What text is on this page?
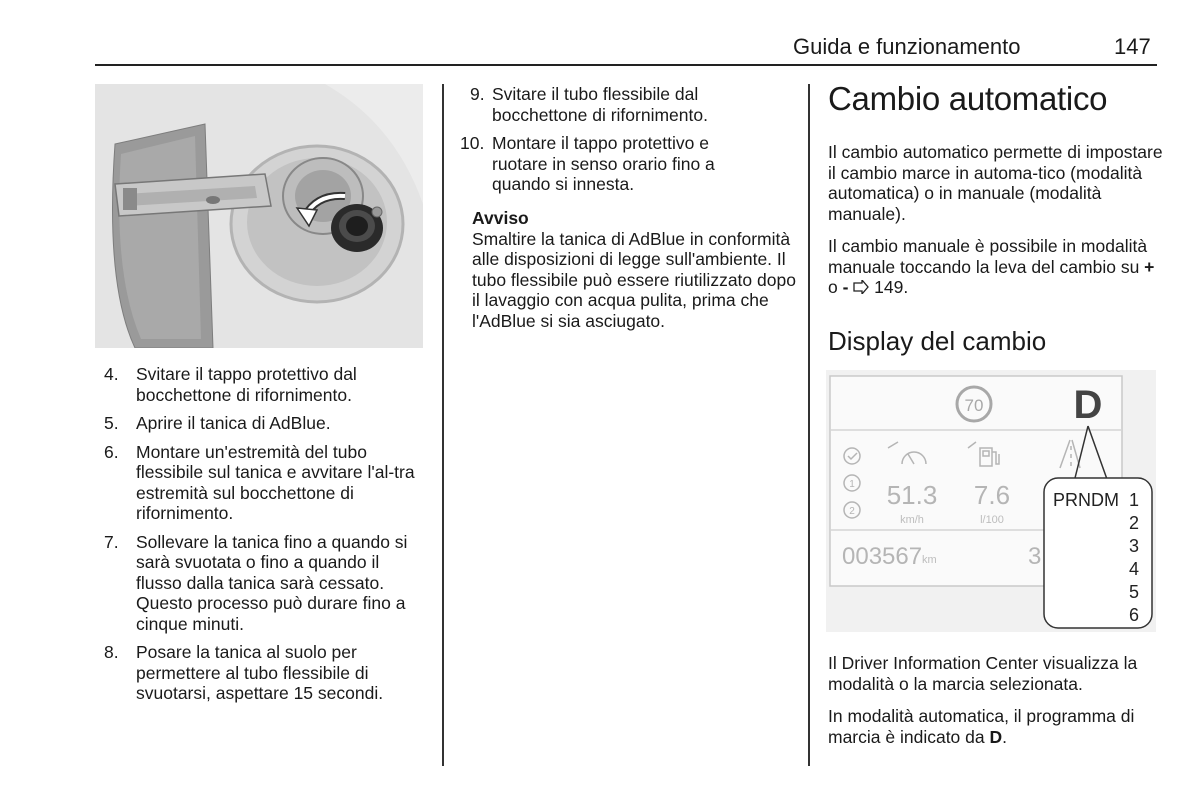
Guida e funzionamento	147
4. Svitare il tappo protettivo dal bocchettone di rifornimento.
5. Aprire il tanica di AdBlue.
6. Montare un'estremità del tubo flessibile sul tanica e avvitare l'al-tra estremità sul bocchettone di rifornimento.
7. Sollevare la tanica fino a quando si sarà svuotata o fino a quando il flusso dalla tanica sarà cessato. Questo processo può durare fino a cinque minuti.
8. Posare la tanica al suolo per permettere al tubo flessibile di svuotarsi, aspettare 15 secondi.
9. Svitare il tubo flessibile dal bocchettone di rifornimento.
10. Montare il tappo protettivo e ruotare in senso orario fino a quando si innesta.
Avviso
Smaltire la tanica di AdBlue in conformità alle disposizioni di legge sull'ambiente. Il tubo flessibile può essere riutilizzato dopo il lavaggio con acqua pulita, prima che l'AdBlue si sia asciugato.
Cambio automatico

Il cambio automatico permette di impostare il cambio marce in automa-tico (modalità automatica) o in manuale (modalità manuale).

Il cambio manuale è possibile in modalità manuale toccando la leva del cambio su + o -  149.

Display del cambio
70 D
1
2
51.3
km/h
7.6
l/100
003567 km	3
PRNDM 1
2
3
4
5
6

Il Driver Information Center visualizza la modalità o la marcia selezionata.

In modalità automatica, il programma di marcia è indicato da D.
